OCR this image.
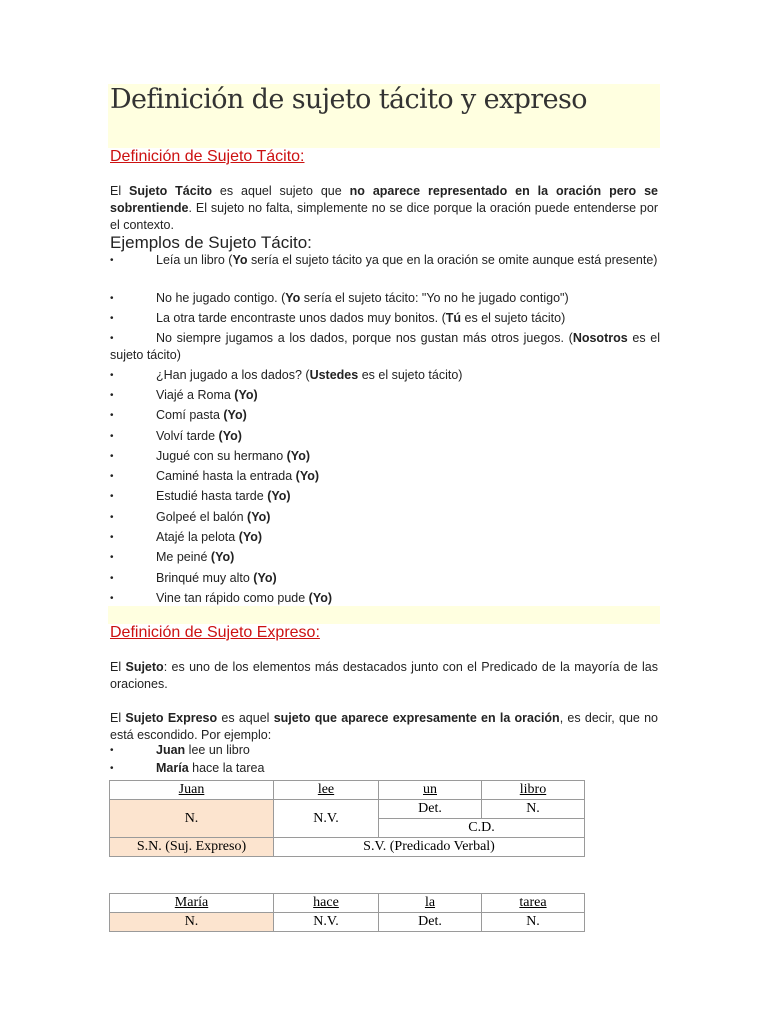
Definición de sujeto tácito y expreso
Definición de Sujeto Tácito:
El Sujeto Tácito es aquel sujeto que no aparece representado en la oración pero se sobrentiende. El sujeto no falta, simplemente no se dice porque la oración puede entenderse por el contexto.
Ejemplos de Sujeto Tácito:
•	Leía un libro (Yo sería el sujeto tácito ya que en la oración se omite aunque está presente)
•	No he jugado contigo. (Yo sería el sujeto tácito: "Yo no he jugado contigo")
•	La otra tarde encontraste unos dados muy bonitos. (Tú es el sujeto tácito)
•	No siempre jugamos a los dados, porque nos gustan más otros juegos. (Nosotros es el sujeto tácito)
•	¿Han jugado a los dados? (Ustedes es el sujeto tácito)
•	Viajé a Roma (Yo)
•	Comí pasta (Yo)
•	Volví tarde (Yo)
•	Jugué con su hermano (Yo)
•	Caminé hasta la entrada (Yo)
•	Estudié hasta tarde (Yo)
•	Golpeé el balón (Yo)
•	Atajé la pelota (Yo)
•	Me peiné (Yo)
•	Brinqué muy alto (Yo)
•	Vine tan rápido como pude (Yo)
Definición de Sujeto Expreso:
El Sujeto: es uno de los elementos más destacados junto con el Predicado de la mayoría de las oraciones.
El Sujeto Expreso es aquel sujeto que aparece expresamente en la oración, es decir, que no está escondido. Por ejemplo:
•	Juan lee un libro
•	María hace la tarea
Juan	lee	un	libro
N.	N.V.	Det.	N.
		C.D.	
S.N. (Suj. Expreso)	S.V. (Predicado Verbal)		
María	hace	la	tarea
N.	N.V.	Det.	N.
